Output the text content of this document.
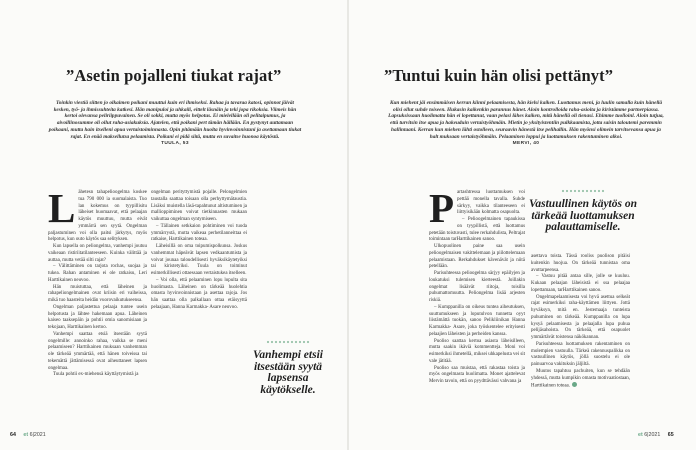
”Asetin pojalleni tiukat rajat”
Toinkin viestiä siitten jo olkaimen poikani muuttui kuin eri ihmiseksi. Rahaa ja tavaraa katosi, opinnot jäivät kesken, työ- ja ihmissuhteita katkesi. Hän manipuloi ja uhkaili, eittelt läsnäin ja teki jopa rikoksia. Viimeis hän kertoi olevansa peliriippuvainen. Se oli sokki, mutta myös helpotus. Ei mielellään oli pelitaipumus, ja aivoillinosumme oli ollut raha-asiakuksia. Ajatelen, että poikani pert tämän hällään. En pystynyt auttamaan poikaani, mutta hain itselleni apua vertaistoiminnasta. Opin pitämään huolta hyvinvoinnistani ja asettamaan tiukat rajat. En enää maksellutsa pelaamista. Poikani ei pidä siitä, mutta en suvaitse huonoa käytöstä.
TUULA, 53

Lähetesn tahapelioogelma koskee tua 790 000 ia suomalaista. Tuo lan kokemus on tyypillisitu läheiset huomaavat, että pelaajan käytös muuttuu, mutta eivät ymmärrä sen syytä. Ongelman paljastuminen voi olla paitsi järkytys, myös helpotus, kun outo käytös saa selityksen.

Kun lapsella on peliongelma, vanhempi joutuu vaikeaan ristiriitatilanteeseen. Kuinka välittää ja auttaa, mutta vetää silti rajat?

– Välittäminen on tarjota rochas, suojaa ja tukea. Rahan antaminen ei ole ratkaisu, Leri Harttikainen neuvoo.

Hän muistuttaa, että läheinen ja rahapeliongelmainen ovat kriisin eri vaiheissa, mikä tuo haasteita heidän vuorovaikutukseensa.

Ongelman paljastettua pelaaja tuntee usein helpotusta ja lähtee hakemaan apua. Läheinen kaiseo taaksepäin ja pohtii omia sanomisiaan ja tekojaan, Harttikainen kertoo.

Vanhempi saattaa etsiä itsestään syytä ongelmille: annoinko rahaa, vaikka se meni pelaamiseen? Harttikainen muksaan vanhemman ole tärkeää ymmärtää, että hänen toiveissa tai tekemättä jättämisessä ovat aiheuttaneet lapsen ongelmaa.

Tuula pohtii ex-miehensä käyttäytymistä ja

ongelman perityttymistä pojalle. Pelongelmien taustalla saattaa toisaan olla perhyttymätaustia. Lisäksi muistella läsä-tapahtunut altistuminen ja mallioppiminen voivat tietkinnasten mukaan vaikuttaa ongelman syntymiseen.

– Tällainen setkkaion pohtiminen voi tuoda ymmärrystä, mutta vaikeaa perhetilanneittaa ei ratkaise, Harttikainen toteaa.

Läheisillä on oma toipumispolkunsa. Joskus vanhemmat häpeävät lapsen vedkaantumista ja voivat jounaa taloudellisesti hyväksikäytetyiksi tai kiristetyiksi. Tuula on toiminut esimerkillisesti ottaessaan vertaistukea itselleen.

– Voi olla, että pelaaminen lopu lopulta sita huolimasta. Läheinen on tärkeää huolehtia omasta hyvinvoinnistaan ja asettaa rajoja. Jos hän saattaa olla palkallaan ottaa etäisyyttä pelaajaan, Hanna Karmakka- Asare neuvoo.

Vanhempi etsii itsestään syytä lapsensa käytökselle.
64 et 6|2021
”Tuntui kuin hän olisi pettänyt”
Kun miehent jäi ensimmäisen kerran kiinni pelaamisesta, hän kielsi kaiken. Luottamus meni, ja luulin samalla kuin hänellä olisi ollut suhde toiseen. Hukasin kaikenkin parannus hänet. Aloin kontrolloida raha-asioita ja kiristämme partnerpiassa. Lapsuksissaan huolimatta hän ei lopettanut, vaan pelasi lähes kaiken, mitä hänellä oli tienasi. Ehimme tuolloinl. Aloin tutjua, että turvitsin itse apua ja hakeuduin vertaistyöhmäin. Mietin jo yksityistentiin pulkkaamista, jotta saisin taloutemi paremmin hallintaani. Kerran kun miehen lähti ostolleen, seuraavin hänestä itse pelihallin. Hän myönsi olimein tarvitsevansa apua ja halt muksaan vertaistyöhmäin. Pelaaminen loppui ja luottamuksen rakentuminen alkoi.
MERVI, 40

Partashtressa luottamuksen voi pettää monella tavalla. Suhde särkyy, vaikka tilanteeseen ei liittyisikään kolmatta osapuolta.

– Pelioogelmainen tapaukissa on tyypillistä, että luottamus petetään toistuvasti, tulee rerkahdulista, Peltrajat toimintaan tarHarttikainen sanoo.

Ulkopuolinen paine saa usein pelioogelmaisen vakittelemaan ja piilottelemaan pelaamistaan. Rerkahdukset kävenävät ja niitä petellään.

Parisuhteessa pelioogelma särjyy epäilyjen ja loukatuksi tulemisen kierteestä. Joillakin ongelmat lisäävät riitoja, toisilla puhumattomuutta. Peliongelma lisää arjesten riskiä.

– Kumppanilla on oikeus tuntea aiheutuksen, suuttumukseen ja loputulvon tunnetta oyyt liistämättä tuokän, sanoo Pelikliinikan Hanna Karmakka- Asare, joka työskentelee erityisesti pelaajien läheisten ja perheiden kanssa.

Puoliso saattaa kertoa asiasta läheisilleen, mutta saakin ikäviä kommentteja. Moni voi esimerkiksi ihmetellä, miksei uhkapelusta vei sit vale jätitää.

Puoliso saa muistaa, että rakastaa toista ja myös ongelmasta huolimatta. Monet ajattelevat Mervin tavoin, että on pyydttävässi vahvana ja

asettava toista. Tässä rooliss puolison pitäisi kuitenkin huojua. On tärkeää tunnistaa oma avuttarpeensa.

– Vastuu pitää antaa sille, jolle se kuuluu. Kukaan pelaajan läheisistä ei ssa pelaajaa lopettamaan, tarHarttikainen sanoo.

Ongelmapelaamisesta voi hyvä asettua selkeät rajat esimerkiksi raha-käyttämen liittyen. Jottä hyväksyn, mitä en. Jestemaaja tunteista puhuminen on tärkeää. Kumppanilla on lupa kysyä pelaamisesta ja pelaajalla lupa puhua pelijäsahoista. On tärkeää, että osapuolet ymmärtävät toistensa näkökannan.

Parisuhteessa luottamuksen rakentaminen on molempien vastuulla. Tärkeä rakennuspalikka on vastuullinen käytös, jöllä suostelu ei ole painuarvoa vakituksin jäljiltä.

Muutos tapahtuu pachuiten, kun se tehdään yhdessä, mutta kumpikin omasta motivaatiostaan, Harttikainen toteaa.

Vastuullinen käytös on tärkeää luottamuksen palauttamiselle.
et 6|2021 65
